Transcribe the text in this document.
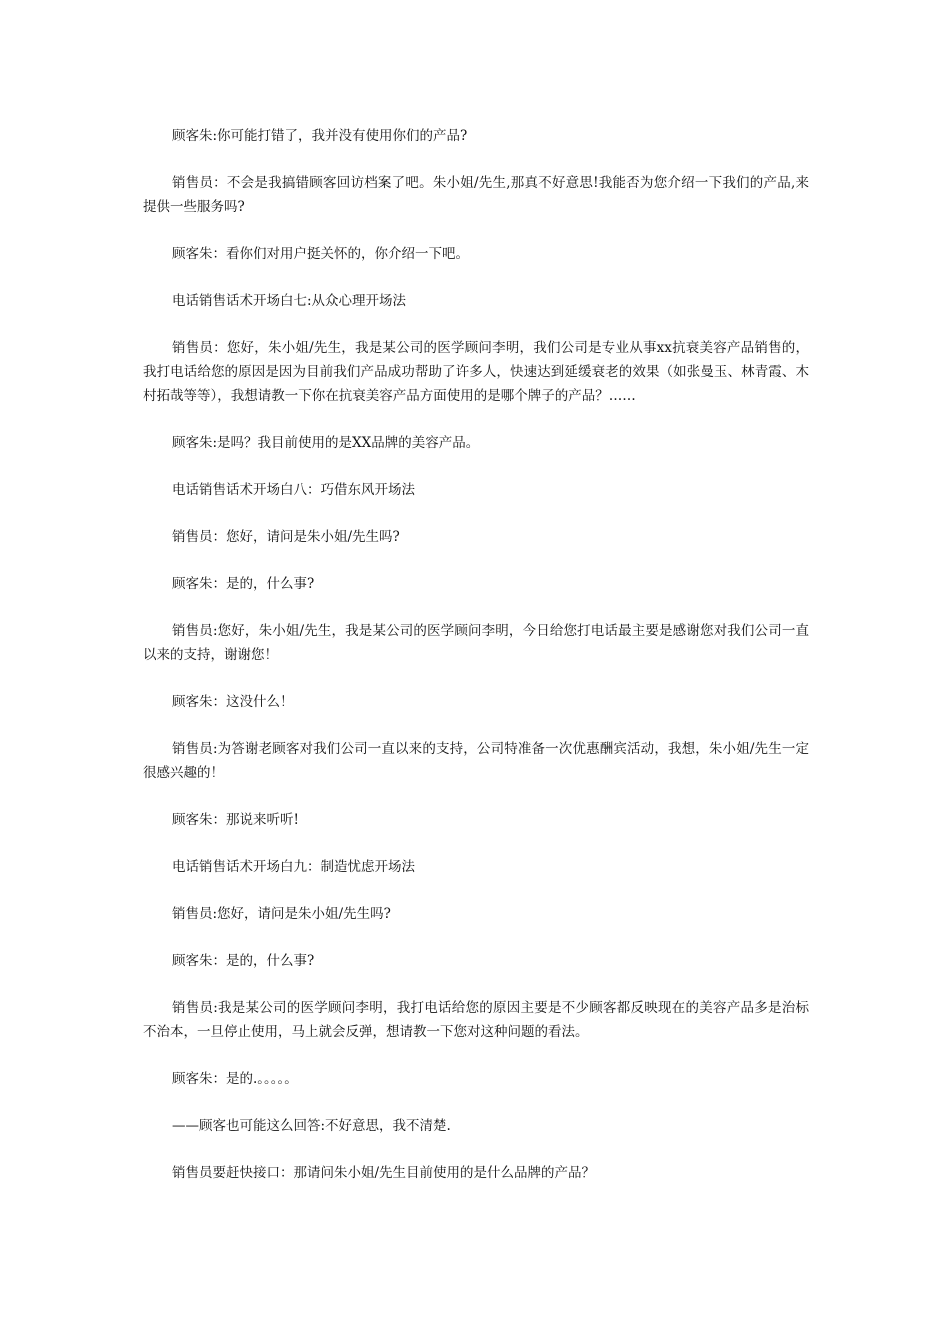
顾客朱:你可能打错了，我并没有使用你们的产品?

销售员：不会是我搞错顾客回访档案了吧。朱小姐/先生,那真不好意思!我能否为您介绍一下我们的产品,来提供一些服务吗?

顾客朱：看你们对用户挺关怀的，你介绍一下吧。

电话销售话术开场白七:从众心理开场法

销售员：您好，朱小姐/先生，我是某公司的医学顾问李明，我们公司是专业从事xx抗衰美容产品销售的，我打电话给您的原因是因为目前我们产品成功帮助了许多人，快速达到延缓衰老的效果（如张曼玉、林青霞、木村拓哉等等），我想请教一下你在抗衰美容产品方面使用的是哪个牌子的产品？……

顾客朱:是吗？我目前使用的是XX品牌的美容产品。

电话销售话术开场白八：巧借东风开场法

销售员：您好，请问是朱小姐/先生吗?

顾客朱：是的，什么事?

销售员:您好，朱小姐/先生，我是某公司的医学顾问李明，今日给您打电话最主要是感谢您对我们公司一直以来的支持，谢谢您！

顾客朱：这没什么！

销售员:为答谢老顾客对我们公司一直以来的支持，公司特准备一次优惠酬宾活动，我想，朱小姐/先生一定很感兴趣的！

顾客朱：那说来听听!

电话销售话术开场白九：制造忧虑开场法

销售员:您好，请问是朱小姐/先生吗?

顾客朱：是的，什么事?

销售员:我是某公司的医学顾问李明，我打电话给您的原因主要是不少顾客都反映现在的美容产品多是治标不治本，一旦停止使用，马上就会反弹，想请教一下您对这种问题的看法。

顾客朱：是的.。。。。。

——顾客也可能这么回答:不好意思，我不清楚.

销售员要赶快接口：那请问朱小姐/先生目前使用的是什么品牌的产品？
